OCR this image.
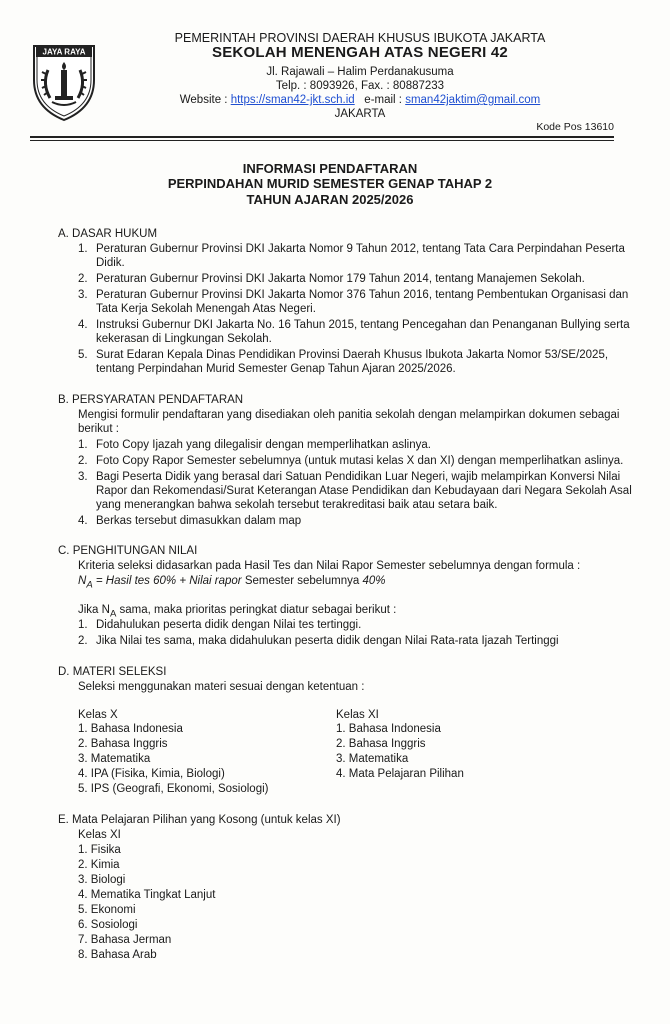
JAYA RAYA
PEMERINTAH PROVINSI DAERAH KHUSUS IBUKOTA JAKARTA
SEKOLAH MENENGAH ATAS NEGERI 42
Jl. Rajawali – Halim Perdanakusuma
Telp. : 8093926, Fax. : 80887233
Website : https://sman42-jkt.sch.id e-mail : sman42jaktim@gmail.com
JAKARTA
Kode Pos 13610
INFORMASI PENDAFTARAN
PERPINDAHAN MURID SEMESTER GENAP TAHAP 2
TAHUN AJARAN 2025/2026
A. DASAR HUKUM
1. Peraturan Gubernur Provinsi DKI Jakarta Nomor 9 Tahun 2012, tentang Tata Cara Perpindahan Peserta
Didik.
2. Peraturan Gubernur Provinsi DKI Jakarta Nomor 179 Tahun 2014, tentang Manajemen Sekolah.
3. Peraturan Gubernur Provinsi DKI Jakarta Nomor 376 Tahun 2016, tentang Pembentukan Organisasi dan
Tata Kerja Sekolah Menengah Atas Negeri.
4. Instruksi Gubernur DKI Jakarta No. 16 Tahun 2015, tentang Pencegahan dan Penanganan Bullying serta
kekerasan di Lingkungan Sekolah.
5. Surat Edaran Kepala Dinas Pendidikan Provinsi Daerah Khusus Ibukota Jakarta Nomor 53/SE/2025,
tentang Perpindahan Murid Semester Genap Tahun Ajaran 2025/2026.
B. PERSYARATAN PENDAFTARAN
Mengisi formulir pendaftaran yang disediakan oleh panitia sekolah dengan melampirkan dokumen sebagai
berikut :
1. Foto Copy Ijazah yang dilegalisir dengan memperlihatkan aslinya.
2. Foto Copy Rapor Semester sebelumnya (untuk mutasi kelas X dan XI) dengan memperlihatkan aslinya.
3. Bagi Peserta Didik yang berasal dari Satuan Pendidikan Luar Negeri, wajib melampirkan Konversi Nilai
Rapor dan Rekomendasi/Surat Keterangan Atase Pendidikan dan Kebudayaan dari Negara Sekolah Asal
yang menerangkan bahwa sekolah tersebut terakreditasi baik atau setara baik.
4. Berkas tersebut dimasukkan dalam map
C. PENGHITUNGAN NILAI
Kriteria seleksi didasarkan pada Hasil Tes dan Nilai Rapor Semester sebelumnya dengan formula :
$N_A$ = Hasil tes 60% + Nilai rapor Semester sebelumnya 40%
Jika $N_A$ sama, maka prioritas peringkat diatur sebagai berikut :
1. Didahulukan peserta didik dengan Nilai tes tertinggi.
2. Jika Nilai tes sama, maka didahulukan peserta didik dengan Nilai Rata-rata Ijazah Tertinggi
D. MATERI SELEKSI
Seleksi menggunakan materi sesuai dengan ketentuan :
Kelas X
1. Bahasa Indonesia
2. Bahasa Inggris
3. Matematika
4. IPA (Fisika, Kimia, Biologi)
5. IPS (Geografi, Ekonomi, Sosiologi)
Kelas XI
1. Bahasa Indonesia
2. Bahasa Inggris
3. Matematika
4. Mata Pelajaran Pilihan
E. Mata Pelajaran Pilihan yang Kosong (untuk kelas XI)
Kelas XI
1. Fisika
2. Kimia
3. Biologi
4. Mematika Tingkat Lanjut
5. Ekonomi
6. Sosiologi
7. Bahasa Jerman
8. Bahasa Arab
